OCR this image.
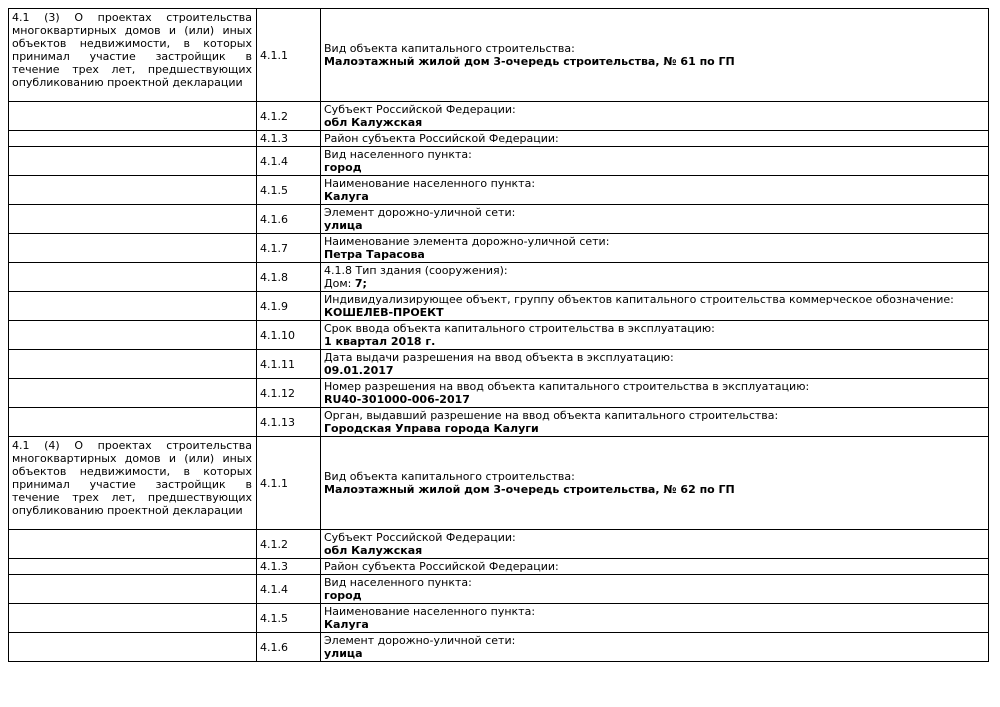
4.1 (3) О проектах строительства многоквартирных домов и (или) иных объектов недвижимости, в которых принимал участие застройщик в течение трех лет, предшествующих опубликованию проектной декларации	4.1.1	Вид объекта капитального строительства:
Малоэтажный жилой дом 3-очередь строительства, № 61 по ГП

	4.1.2	Субъект Российской Федерации:
обл Калужская

	4.1.3	Район субъекта Российской Федерации:

	4.1.4	Вид населенного пункта:
город

	4.1.5	Наименование населенного пункта:
Калуга

	4.1.6	Элемент дорожно-уличной сети:
улица

	4.1.7	Наименование элемента дорожно-уличной сети:
Петра Тарасова

	4.1.8	4.1.8 Тип здания (сооружения):
Дом: 7;

	4.1.9	Индивидуализирующее объект, группу объектов капитального строительства коммерческое обозначение:
КОШЕЛЕВ-ПРОЕКТ

	4.1.10	Срок ввода объекта капитального строительства в эксплуатацию:
1 квартал 2018 г.

	4.1.11	Дата выдачи разрешения на ввод объекта в эксплуатацию:
09.01.2017

	4.1.12	Номер разрешения на ввод объекта капитального строительства в эксплуатацию:
RU40-301000-006-2017

	4.1.13	Орган, выдавший разрешение на ввод объекта капитального строительства:
Городская Управа города Калуги

4.1 (4) О проектах строительства многоквартирных домов и (или) иных объектов недвижимости, в которых принимал участие застройщик в течение трех лет, предшествующих опубликованию проектной декларации	4.1.1	Вид объекта капитального строительства:
Малоэтажный жилой дом 3-очередь строительства, № 62 по ГП

	4.1.2	Субъект Российской Федерации:
обл Калужская

	4.1.3	Район субъекта Российской Федерации:

	4.1.4	Вид населенного пункта:
город

	4.1.5	Наименование населенного пункта:
Калуга

	4.1.6	Элемент дорожно-уличной сети:
улица
